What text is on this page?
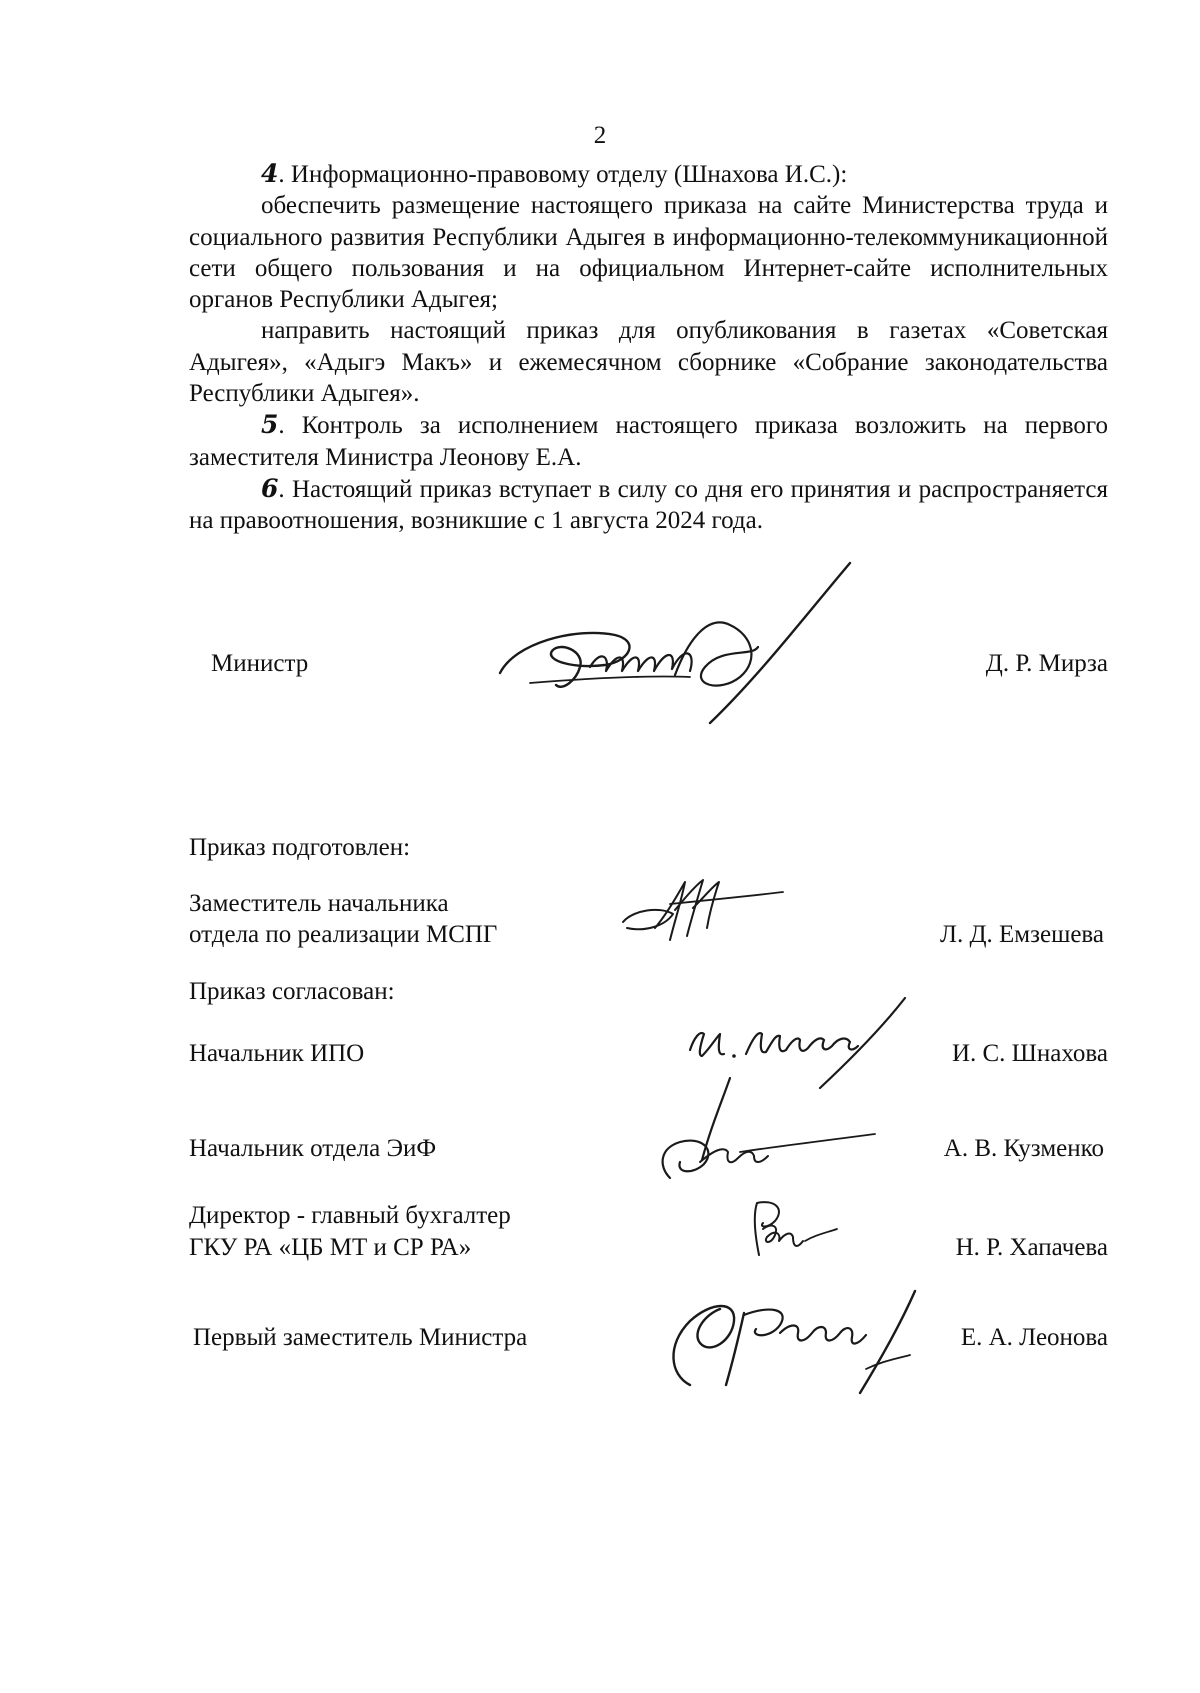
2

4. Информационно-правовому отделу (Шнахова И.С.):

обеспечить размещение настоящего приказа на сайте Министерства труда и социального развития Республики Адыгея в информационно-телекоммуникационной сети общего пользования и на официальном Интернет-сайте исполнительных органов Республики Адыгея;

направить настоящий приказ для опубликования в газетах «Советская Адыгея», «Адыгэ Макъ» и ежемесячном сборнике «Собрание законодательства Республики Адыгея».

5. Контроль за исполнением настоящего приказа возложить на первого заместителя Министра Леонову Е.А.

6. Настоящий приказ вступает в силу со дня его принятия и распространяется на правоотношения, возникшие с 1 августа 2024 года.

Министр	Д. Р. Мирза
Приказ подготовлен:
Заместитель начальника
отдела по реализации МСПГ	Л. Д. Емзешева
Приказ согласован:
Начальник ИПО	И. С. Шнахова
Начальник отдела ЭиФ	А. В. Кузменко
Директор - главный бухгалтер
ГКУ РА «ЦБ МТ и СР РА»	Н. Р. Хапачева
Первый заместитель Министра	Е. А. Леонова
